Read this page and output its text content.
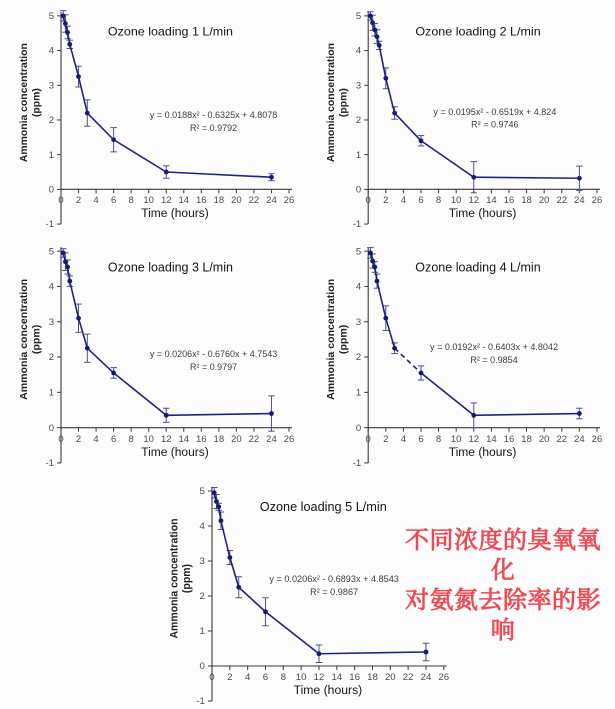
-1
0
1
2
3
4
5
0 2 4 6 8 10 12 14 16 18 20 22 24 26
Ammonia concentration (ppm)
Time (hours)
Ozone loading 1 L/min
y = 0.0188x² - 0.6325x + 4.8078
R² = 0.9792
-1
0
1
2
3
4
5
0 2 4 6 8 10 12 14 16 18 20 22 24 26
Ammonia concentration (ppm)
Time (hours)
Ozone loading 2 L/min
y = 0.0195x² - 0.6519x + 4.824
R² = 0.9746
-1
0
1
2
3
4
5
0 2 4 6 8 10 12 14 16 18 20 22 24 26
Ammonia concentration (ppm)
Time (hours)
Ozone loading 3 L/min
y = 0.0206x² - 0.6760x + 4.7543
R² = 0.9797
-1
0
1
2
3
4
5
0 2 4 6 8 10 12 14 16 18 20 22 24 26
Ammonia concentration (ppm)
Time (hours)
Ozone loading 4 L/min
y = 0.0192x² - 0.6403x + 4.8042
R² = 0.9854
-1
0
1
2
3
4
5
0 2 4 6 8 10 12 14 16 18 20 22 24 26
Ammonia concentration (ppm)
Time (hours)
Ozone loading 5 L/min
y = 0.0206x² - 0.6893x + 4.8543
R² = 0.9867
不同浓度的臭氧氧化
对氨氮去除率的影响
